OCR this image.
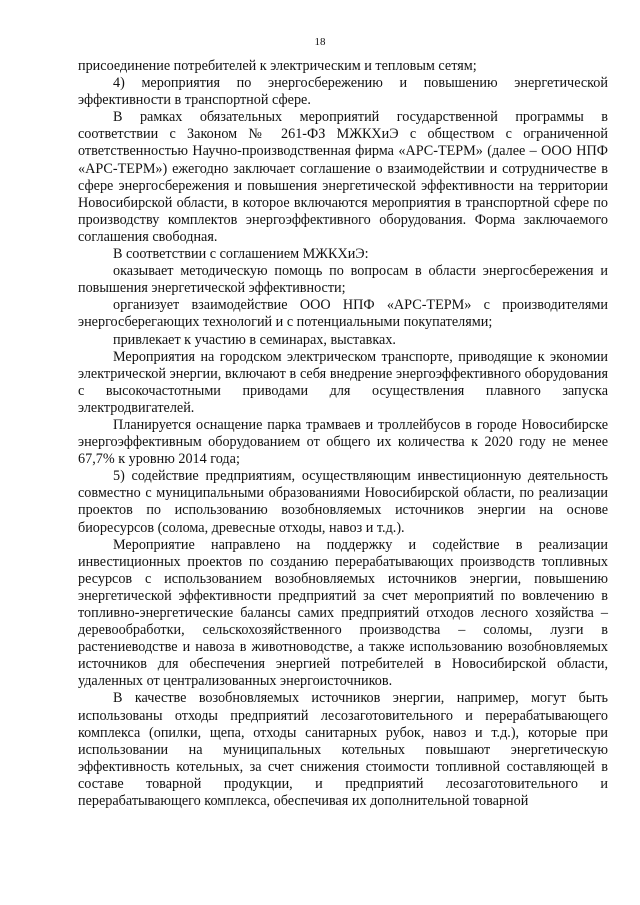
18

присоединение потребителей к электрическим и тепловым сетям;

4) мероприятия по энергосбережению и повышению энергетической эффективности в транспортной сфере.

В рамках обязательных мероприятий государственной программы в соответствии с Законом № 261-ФЗ МЖКХиЭ с обществом с ограниченной ответственностью Научно-производственная фирма «АРС-ТЕРМ» (далее – ООО НПФ «АРС-ТЕРМ») ежегодно заключает соглашение о взаимодействии и сотрудничестве в сфере энергосбережения и повышения энергетической эффективности на территории Новосибирской области, в которое включаются мероприятия в транспортной сфере по производству комплектов энергоэффективного оборудования. Форма заключаемого соглашения свободная.

В соответствии с соглашением МЖКХиЭ:

оказывает методическую помощь по вопросам в области энергосбережения и повышения энергетической эффективности;

организует взаимодействие ООО НПФ «АРС-ТЕРМ» с производителями энергосберегающих технологий и с потенциальными покупателями;

привлекает к участию в семинарах, выставках.

Мероприятия на городском электрическом транспорте, приводящие к экономии электрической энергии, включают в себя внедрение энергоэффективного оборудования с высокочастотными приводами для осуществления плавного запуска электродвигателей.

Планируется оснащение парка трамваев и троллейбусов в городе Новосибирске энергоэффективным оборудованием от общего их количества к 2020 году не менее 67,7% к уровню 2014 года;

5) содействие предприятиям, осуществляющим инвестиционную деятельность совместно с муниципальными образованиями Новосибирской области, по реализации проектов по использованию возобновляемых источников энергии на основе биоресурсов (солома, древесные отходы, навоз и т.д.).

Мероприятие направлено на поддержку и содействие в реализации инвестиционных проектов по созданию перерабатывающих производств топливных ресурсов с использованием возобновляемых источников энергии, повышению энергетической эффективности предприятий за счет мероприятий по вовлечению в топливно-энергетические балансы самих предприятий отходов лесного хозяйства – деревообработки, сельскохозяйственного производства – соломы, лузги в растениеводстве и навоза в животноводстве, а также использованию возобновляемых источников для обеспечения энергией потребителей в Новосибирской области, удаленных от централизованных энергоисточников.

В качестве возобновляемых источников энергии, например, могут быть использованы отходы предприятий лесозаготовительного и перерабатывающего комплекса (опилки, щепа, отходы санитарных рубок, навоз и т.д.), которые при использовании на муниципальных котельных повышают энергетическую эффективность котельных, за счет снижения стоимости топливной составляющей в составе товарной продукции, и предприятий лесозаготовительного и перерабатывающего комплекса, обеспечивая их дополнительной товарной
